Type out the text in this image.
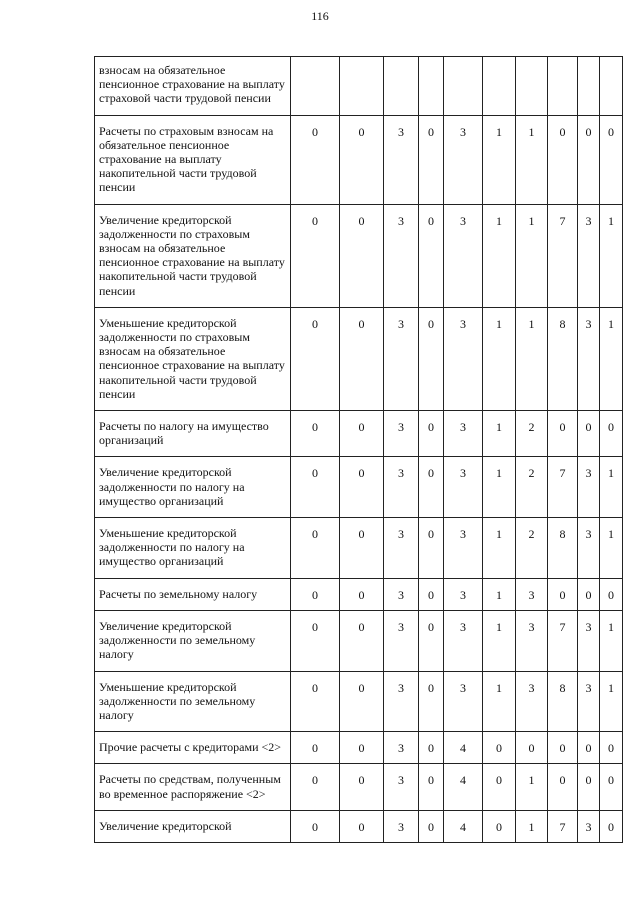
116
взносам на обязательное пенсионное страхование на выплату страховой части трудовой пенсии										
Расчеты по страховым взносам на обязательное пенсионное страхование на выплату накопительной части трудовой пенсии	0	0	3	0	3	1	1	0	0	0
Увеличение кредиторской задолженности по страховым взносам на обязательное пенсионное страхование на выплату накопительной части трудовой пенсии	0	0	3	0	3	1	1	7	3	1
Уменьшение кредиторской задолженности по страховым взносам на обязательное пенсионное страхование на выплату накопительной части трудовой пенсии	0	0	3	0	3	1	1	8	3	1
Расчеты по налогу на имущество организаций	0	0	3	0	3	1	2	0	0	0
Увеличение кредиторской задолженности по налогу на имущество организаций	0	0	3	0	3	1	2	7	3	1
Уменьшение кредиторской задолженности по налогу на имущество организаций	0	0	3	0	3	1	2	8	3	1
Расчеты по земельному налогу	0	0	3	0	3	1	3	0	0	0
Увеличение кредиторской задолженности по земельному налогу	0	0	3	0	3	1	3	7	3	1
Уменьшение кредиторской задолженности по земельному налогу	0	0	3	0	3	1	3	8	3	1
Прочие расчеты с кредиторами <2>	0	0	3	0	4	0	0	0	0	0
Расчеты по средствам, полученным во временное распоряжение <2>	0	0	3	0	4	0	1	0	0	0
Увеличение кредиторской	0	0	3	0	4	0	1	7	3	0
